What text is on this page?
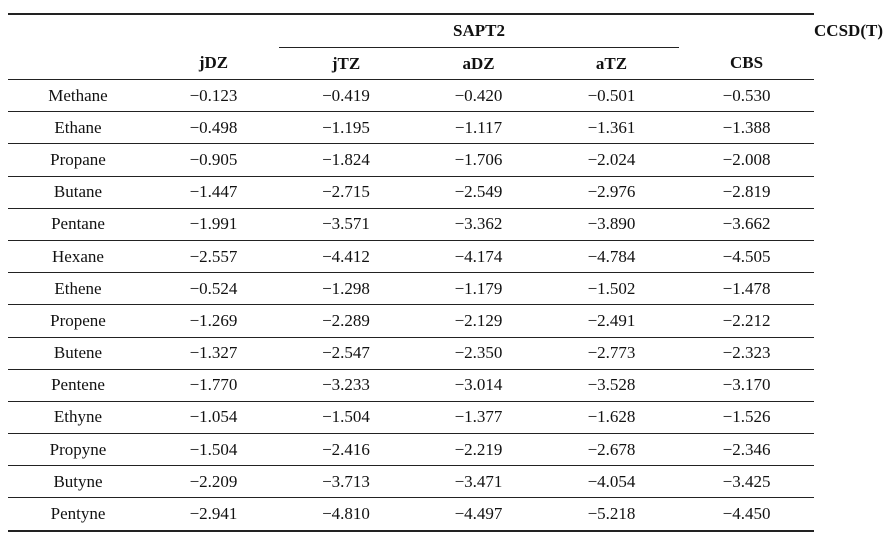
		SAPT2				CCSD(T)
	jDZ	jTZ	aDZ	aTZ	CBS	
Methane	−0.123	−0.419	−0.420	−0.501	−0.530	
Ethane	−0.498	−1.195	−1.117	−1.361	−1.388	
Propane	−0.905	−1.824	−1.706	−2.024	−2.008	
Butane	−1.447	−2.715	−2.549	−2.976	−2.819	
Pentane	−1.991	−3.571	−3.362	−3.890	−3.662	
Hexane	−2.557	−4.412	−4.174	−4.784	−4.505	
Ethene	−0.524	−1.298	−1.179	−1.502	−1.478	
Propene	−1.269	−2.289	−2.129	−2.491	−2.212	
Butene	−1.327	−2.547	−2.350	−2.773	−2.323	
Pentene	−1.770	−3.233	−3.014	−3.528	−3.170	
Ethyne	−1.054	−1.504	−1.377	−1.628	−1.526	
Propyne	−1.504	−2.416	−2.219	−2.678	−2.346	
Butyne	−2.209	−3.713	−3.471	−4.054	−3.425	
Pentyne	−2.941	−4.810	−4.497	−5.218	−4.450	
